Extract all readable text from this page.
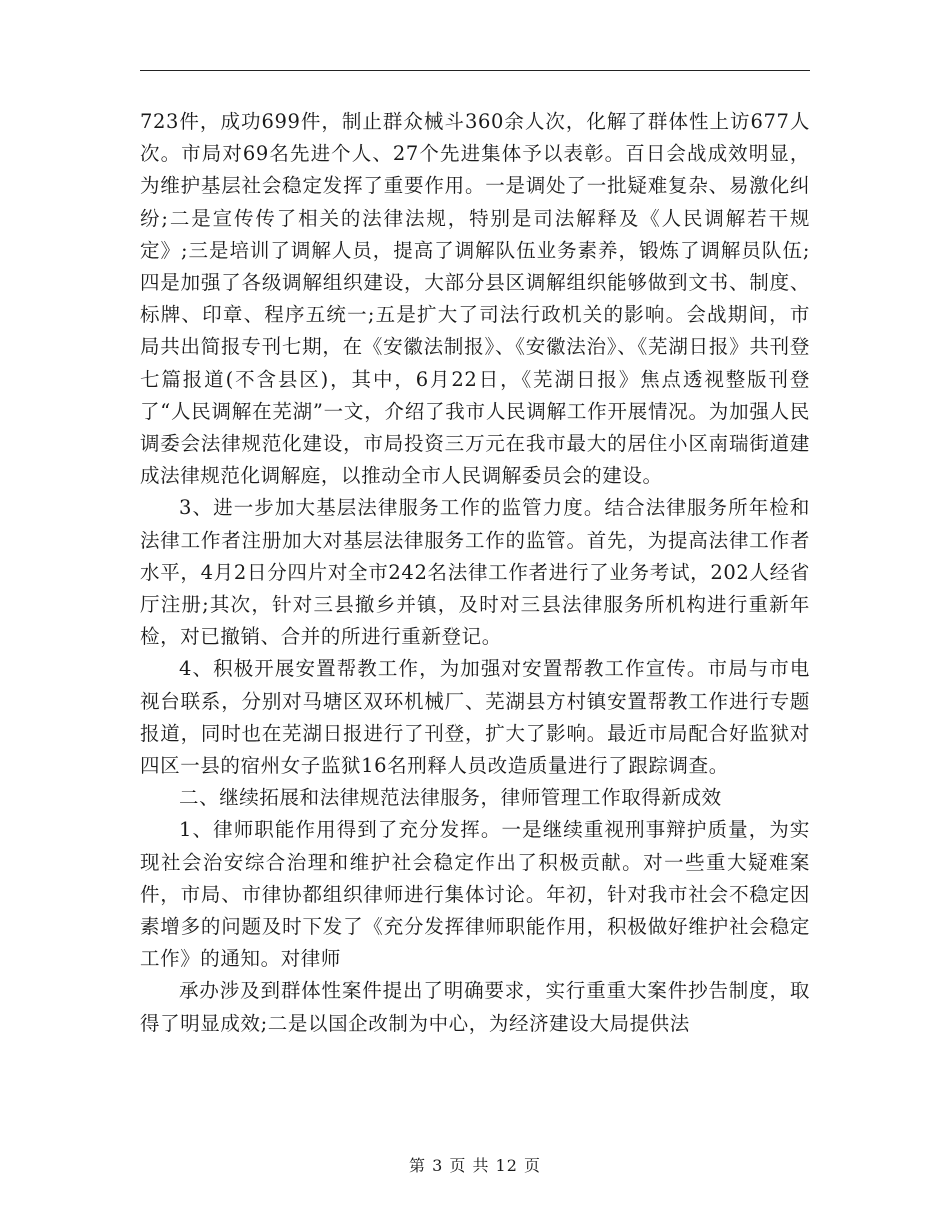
723件，成功699件，制止群众械斗360余人次，化解了群体性上访677人次。市局对69名先进个人、27个先进集体予以表彰。百日会战成效明显，为维护基层社会稳定发挥了重要作用。一是调处了一批疑难复杂、易激化纠纷;二是宣传传了相关的法律法规，特别是司法解释及《人民调解若干规定》;三是培训了调解人员，提高了调解队伍业务素养，锻炼了调解员队伍;四是加强了各级调解组织建设，大部分县区调解组织能够做到文书、制度、标牌、印章、程序五统一;五是扩大了司法行政机关的影响。会战期间，市局共出简报专刊七期，在《安徽法制报》、《安徽法治》、《芜湖日报》共刊登七篇报道(不含县区)，其中，6月22日，《芜湖日报》焦点透视整版刊登了“人民调解在芜湖”一文，介绍了我市人民调解工作开展情况。为加强人民调委会法律规范化建设，市局投资三万元在我市最大的居住小区南瑞街道建成法律规范化调解庭，以推动全市人民调解委员会的建设。

3、进一步加大基层法律服务工作的监管力度。结合法律服务所年检和法律工作者注册加大对基层法律服务工作的监管。首先，为提高法律工作者水平，4月2日分四片对全市242名法律工作者进行了业务考试，202人经省厅注册;其次，针对三县撤乡并镇，及时对三县法律服务所机构进行重新年检，对已撤销、合并的所进行重新登记。

4、积极开展安置帮教工作，为加强对安置帮教工作宣传。市局与市电视台联系，分别对马塘区双环机械厂、芜湖县方村镇安置帮教工作进行专题报道，同时也在芜湖日报进行了刊登，扩大了影响。最近市局配合好监狱对四区一县的宿州女子监狱16名刑释人员改造质量进行了跟踪调查。

二、继续拓展和法律规范法律服务，律师管理工作取得新成效

1、律师职能作用得到了充分发挥。一是继续重视刑事辩护质量，为实现社会治安综合治理和维护社会稳定作出了积极贡献。对一些重大疑难案件，市局、市律协都组织律师进行集体讨论。年初，针对我市社会不稳定因素增多的问题及时下发了《充分发挥律师职能作用，积极做好维护社会稳定工作》的通知。对律师

承办涉及到群体性案件提出了明确要求，实行重重大案件抄告制度，取得了明显成效;二是以国企改制为中心，为经济建设大局提供法

第 3 页 共 12 页
